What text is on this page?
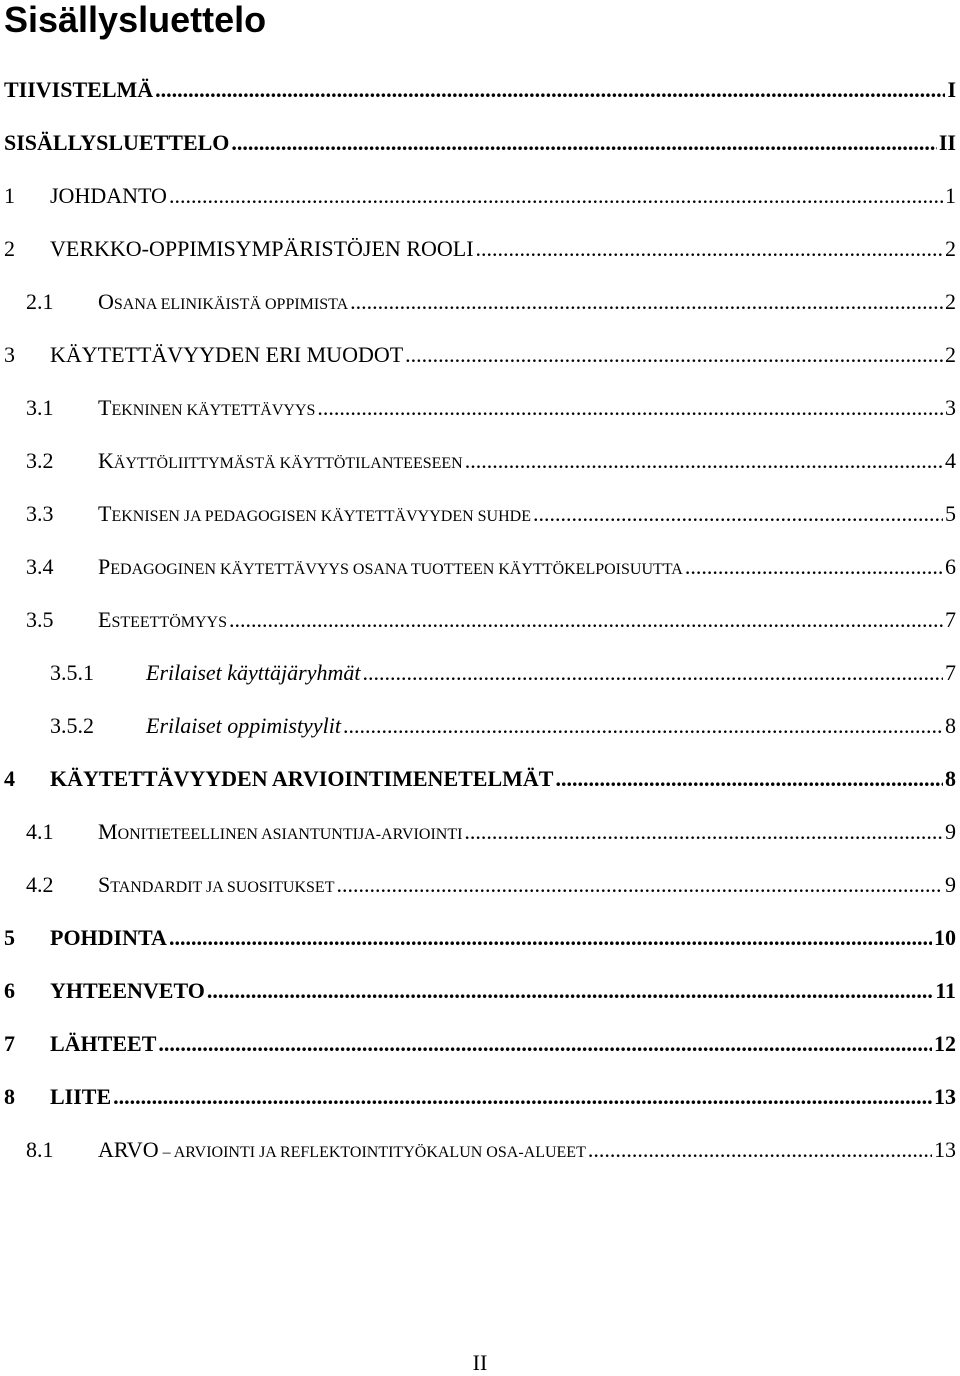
Sisällysluettelo
TIIVISTELMÄ .....	I
SISÄLLYSLUETTELO .....	II
1	JOHDANTO .....	1
2	VERKKO-OPPIMISYMPÄRISTÖJEN ROOLI .....	2
2.1	OSANA ELINIKÄISTÄ OPPIMISTA .....	2
3	KÄYTETTÄVYYDEN ERI MUODOT .....	2
3.1	TEKNINEN KÄYTETTÄVYYS .....	3
3.2	KÄYTTÖLIITTYMÄSTÄ KÄYTTÖTILANTEESEEN .....	4
3.3	TEKNISEN JA PEDAGOGISEN KÄYTETTÄVYYDEN SUHDE .....	5
3.4	PEDAGOGINEN KÄYTETTÄVYYS OSANA TUOTTEEN KÄYTTÖKELPOISUUTTA .....	6
3.5	ESTEETTÖMYYS .....	7
3.5.1	Erilaiset käyttäjäryhmät .....	7
3.5.2	Erilaiset oppimistyylit .....	8
4	KÄYTETTÄVYYDEN ARVIOINTIMENETELMÄT .....	8
4.1	MONITIETEELLINEN ASIANTUNTIJA-ARVIOINTI .....	9
4.2	STANDARDIT JA SUOSITUKSET .....	9
5	POHDINTA .....	10
6	YHTEENVETO .....	11
7	LÄHTEET .....	12
8	LIITE .....	13
8.1	ARVO – ARVIOINTI JA REFLEKTOINTITYÖKALUN OSA-ALUEET .....	13
II
